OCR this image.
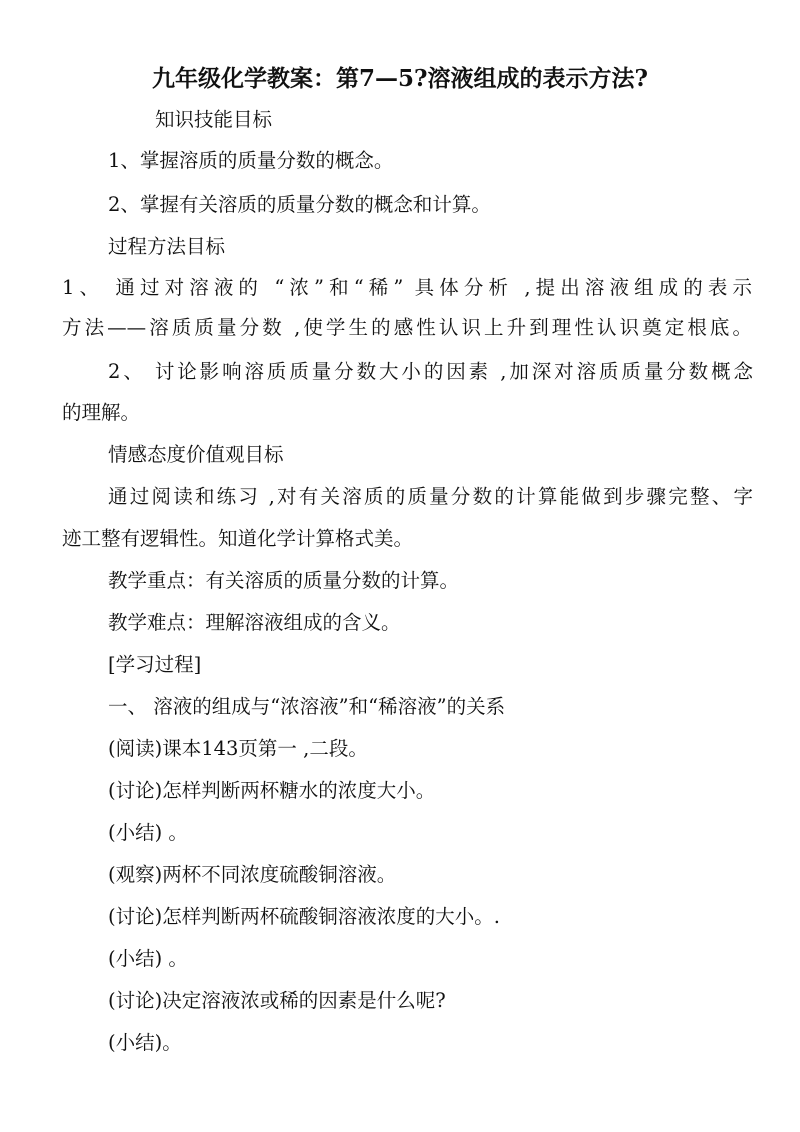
九年级化学教案：第7—5?溶液组成的表示方法?
知识技能目标
1、掌握溶质的质量分数的概念。
2、掌握有关溶质的质量分数的概念和计算。
过程方法目标
1、 通过对溶液的 “浓”和“稀” 具体分析 ,提出溶液组成的表示
方法——溶质质量分数 ,使学生的感性认识上升到理性认识奠定根底。
2、 讨论影响溶质质量分数大小的因素 ,加深对溶质质量分数概念
的理解。
情感态度价值观目标
通过阅读和练习 ,对有关溶质的质量分数的计算能做到步骤完整、字
迹工整有逻辑性。知道化学计算格式美。
教学重点：有关溶质的质量分数的计算。
教学难点：理解溶液组成的含义。
[学习过程]
一、 溶液的组成与“浓溶液”和“稀溶液”的关系
(阅读)课本143页第一 ,二段。
(讨论)怎样判断两杯糖水的浓度大小。
(小结) 。
(观察)两杯不同浓度硫酸铜溶液。
(讨论)怎样判断两杯硫酸铜溶液浓度的大小。.
(小结) 。
(讨论)决定溶液浓或稀的因素是什么呢?
(小结)。
